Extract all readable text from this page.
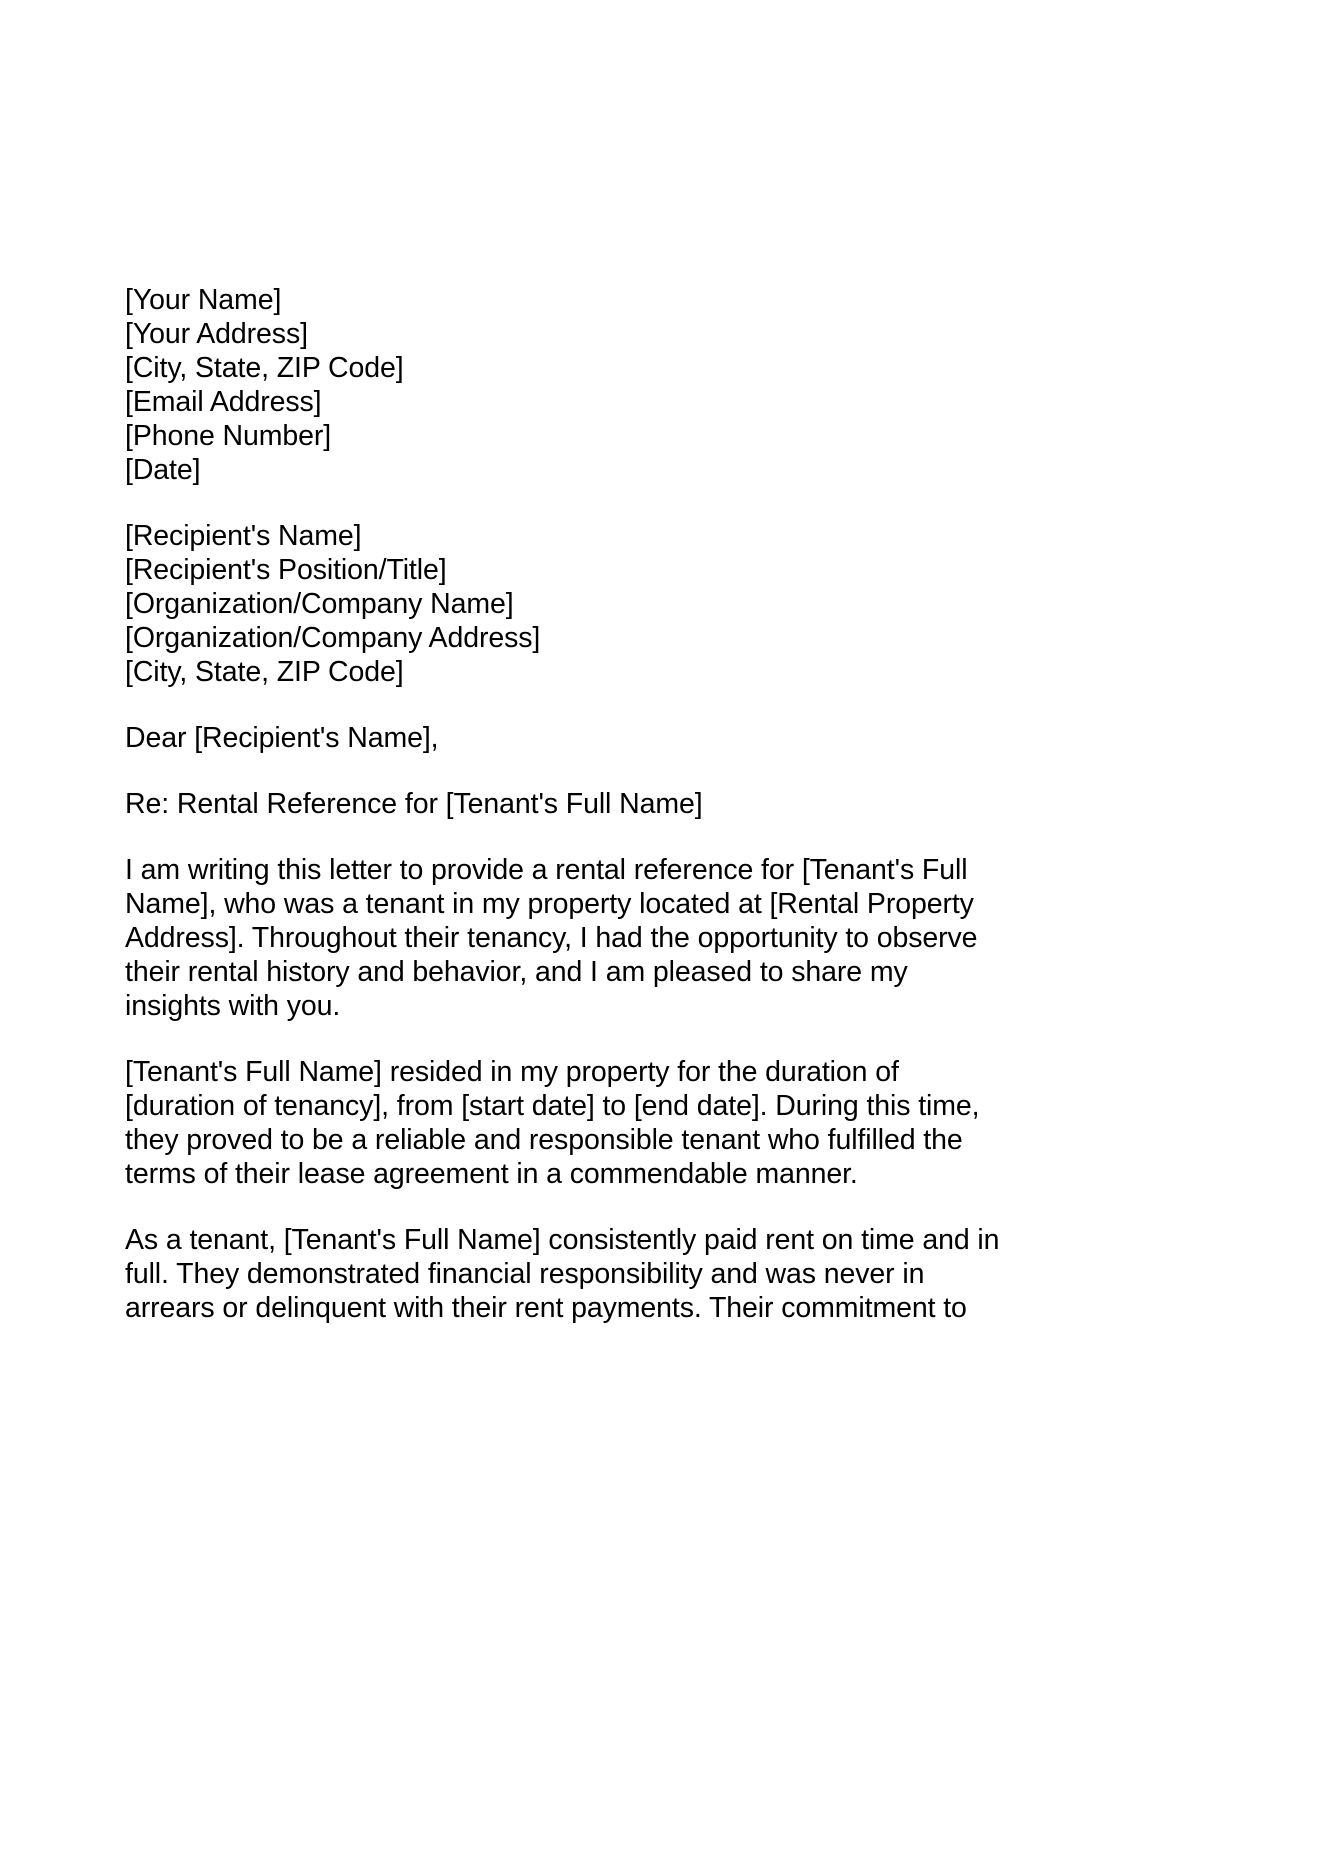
[Your Name]
[Your Address]
[City, State, ZIP Code]
[Email Address]
[Phone Number]
[Date]
[Recipient's Name]
[Recipient's Position/Title]
[Organization/Company Name]
[Organization/Company Address]
[City, State, ZIP Code]
Dear [Recipient's Name],
Re: Rental Reference for [Tenant's Full Name]

I am writing this letter to provide a rental reference for [Tenant's Full Name], who was a tenant in my property located at [Rental Property Address]. Throughout their tenancy, I had the opportunity to observe their rental history and behavior, and I am pleased to share my insights with you.

[Tenant's Full Name] resided in my property for the duration of [duration of tenancy], from [start date] to [end date]. During this time, they proved to be a reliable and responsible tenant who fulfilled the terms of their lease agreement in a commendable manner.

As a tenant, [Tenant's Full Name] consistently paid rent on time and in full. They demonstrated financial responsibility and was never in arrears or delinquent with their rent payments. Their commitment to
